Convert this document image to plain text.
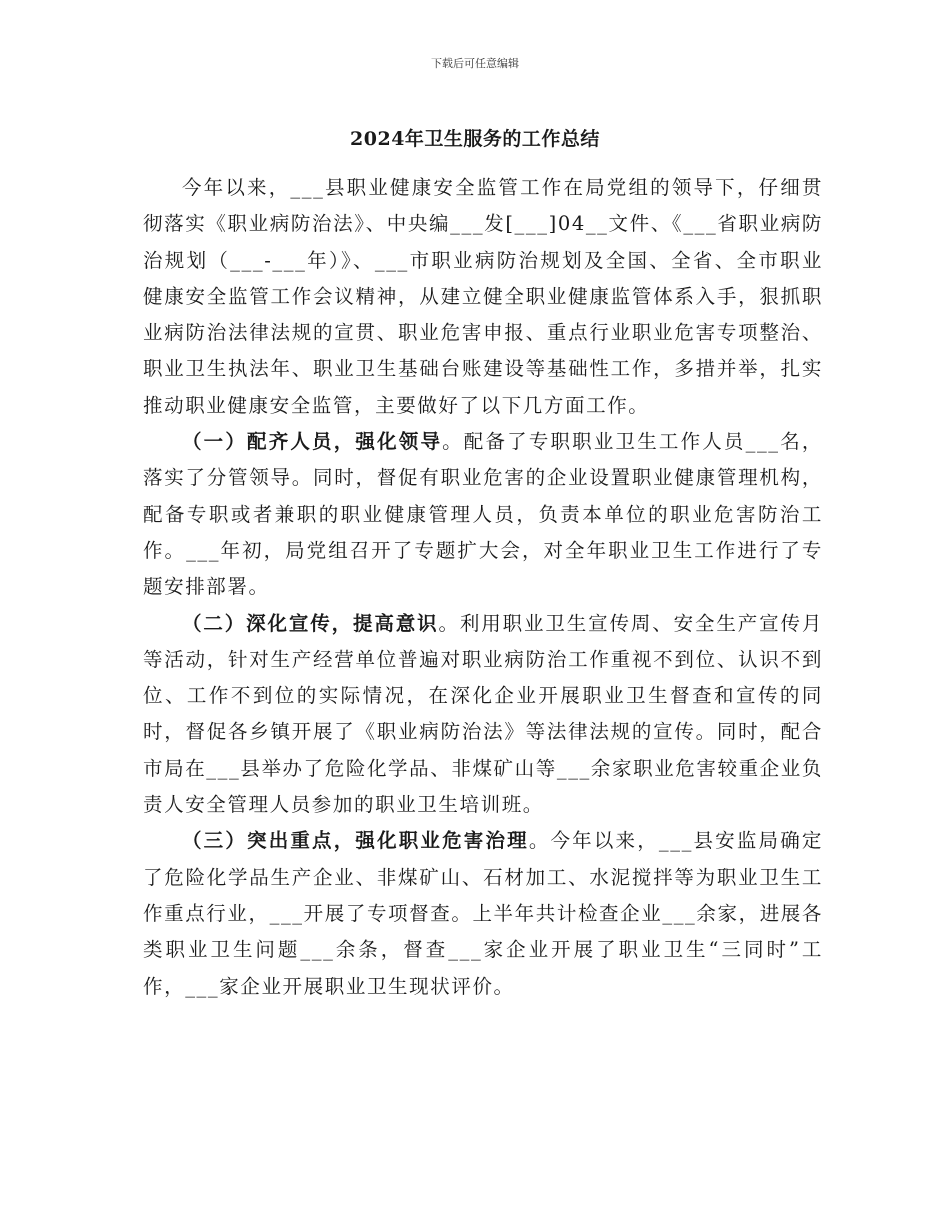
下载后可任意编辑
2024年卫生服务的工作总结

今年以来，___县职业健康安全监管工作在局党组的领导下，仔细贯彻落实《职业病防治法》、中央编___发[___]04__文件、《___省职业病防治规划（___-___年）》、___市职业病防治规划及全国、全省、全市职业健康安全监管工作会议精神，从建立健全职业健康监管体系入手，狠抓职业病防治法律法规的宣贯、职业危害申报、重点行业职业危害专项整治、职业卫生执法年、职业卫生基础台账建设等基础性工作，多措并举，扎实推动职业健康安全监管，主要做好了以下几方面工作。

（一）配齐人员，强化领导。配备了专职职业卫生工作人员___名，落实了分管领导。同时，督促有职业危害的企业设置职业健康管理机构，配备专职或者兼职的职业健康管理人员，负责本单位的职业危害防治工作。___年初，局党组召开了专题扩大会，对全年职业卫生工作进行了专题安排部署。

（二）深化宣传，提高意识。利用职业卫生宣传周、安全生产宣传月等活动，针对生产经营单位普遍对职业病防治工作重视不到位、认识不到位、工作不到位的实际情况，在深化企业开展职业卫生督查和宣传的同时，督促各乡镇开展了《职业病防治法》等法律法规的宣传。同时，配合市局在___县举办了危险化学品、非煤矿山等___余家职业危害较重企业负责人安全管理人员参加的职业卫生培训班。

（三）突出重点，强化职业危害治理。今年以来，___县安监局确定了危险化学品生产企业、非煤矿山、石材加工、水泥搅拌等为职业卫生工作重点行业，___开展了专项督查。上半年共计检查企业___余家，进展各类职业卫生问题___余条，督查___家企业开展了职业卫生“三同时”工作，___家企业开展职业卫生现状评价。
